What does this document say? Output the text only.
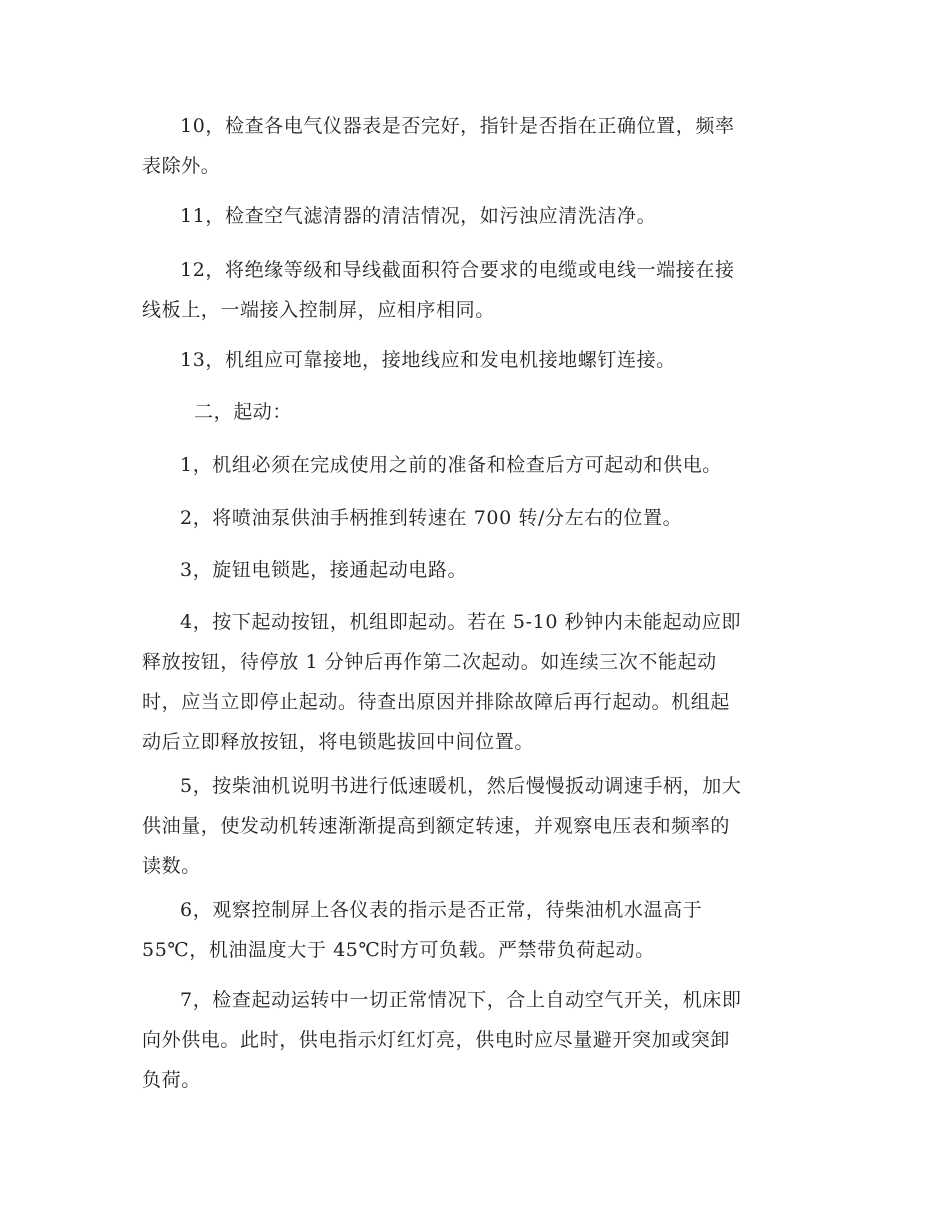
10，检查各电气仪器表是否完好，指针是否指在正确位置，频率
表除外。

11，检查空气滤清器的清洁情况，如污浊应清洗洁净。

12，将绝缘等级和导线截面积符合要求的电缆或电线一端接在接
线板上，一端接入控制屏，应相序相同。

13，机组应可靠接地，接地线应和发电机接地螺钉连接。

二，起动：

1，机组必须在完成使用之前的准备和检查后方可起动和供电。

2，将喷油泵供油手柄推到转速在 700 转/分左右的位置。

3，旋钮电锁匙，接通起动电路。

4，按下起动按钮，机组即起动。若在 5-10 秒钟内未能起动应即
释放按钮，待停放 1 分钟后再作第二次起动。如连续三次不能起动
时，应当立即停止起动。待查出原因并排除故障后再行起动。机组起
动后立即释放按钮，将电锁匙拔回中间位置。

5，按柴油机说明书进行低速暖机，然后慢慢扳动调速手柄，加大
供油量，使发动机转速渐渐提高到额定转速，并观察电压表和频率的
读数。

6，观察控制屏上各仪表的指示是否正常，待柴油机水温高于
55℃，机油温度大于 45℃时方可负载。严禁带负荷起动。

7，检查起动运转中一切正常情况下，合上自动空气开关，机床即
向外供电。此时，供电指示灯红灯亮，供电时应尽量避开突加或突卸
负荷。
